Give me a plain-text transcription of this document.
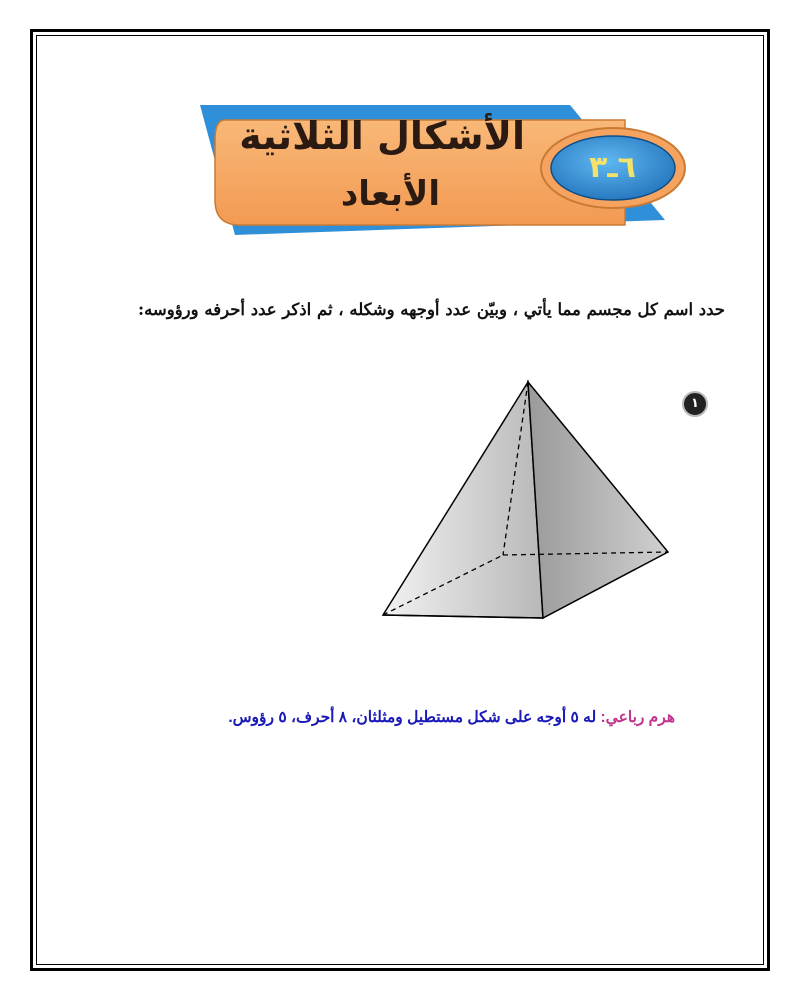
الأشكال الثلاثية
الأبعاد
٦ـ٣
حدد اسم كل مجسم مما يأتي ، وبيّن عدد أوجهه وشكله ، ثم اذكر عدد أحرفه ورؤوسه:
١
هرم رباعي: له ٥ أوجه على شكل مستطيل ومثلثان، ٨ أحرف، ٥ رؤوس.
